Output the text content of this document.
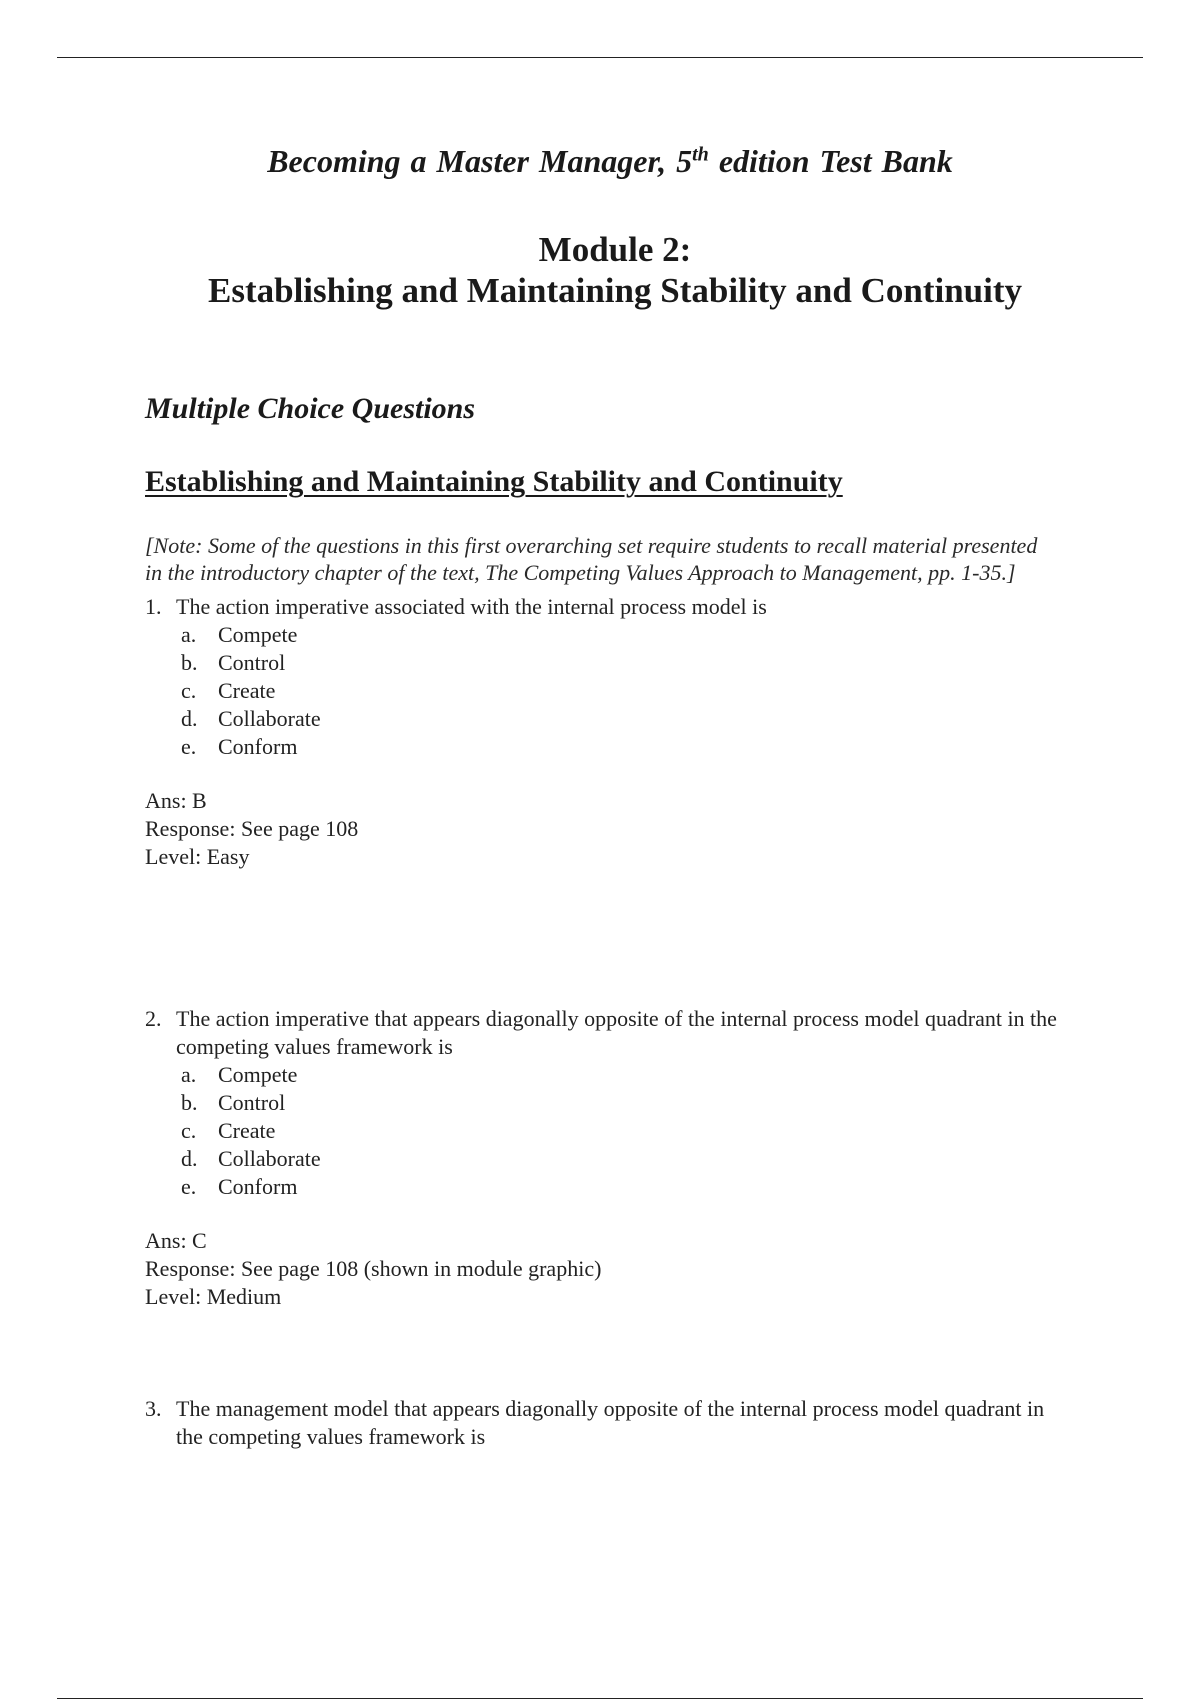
Becoming a Master Manager, 5th edition Test Bank
Module 2:
Establishing and Maintaining Stability and Continuity
Multiple Choice Questions
Establishing and Maintaining Stability and Continuity
[Note: Some of the questions in this first overarching set require students to recall material presented in the introductory chapter of the text, The Competing Values Approach to Management, pp. 1-35.]
1. The action imperative associated with the internal process model is
a. Compete
b. Control
c. Create
d. Collaborate
e. Conform
Ans: B
Response: See page 108
Level: Easy
2. The action imperative that appears diagonally opposite of the internal process model quadrant in the competing values framework is
a. Compete
b. Control
c. Create
d. Collaborate
e. Conform
Ans: C
Response: See page 108 (shown in module graphic)
Level: Medium
3. The management model that appears diagonally opposite of the internal process model quadrant in the competing values framework is
